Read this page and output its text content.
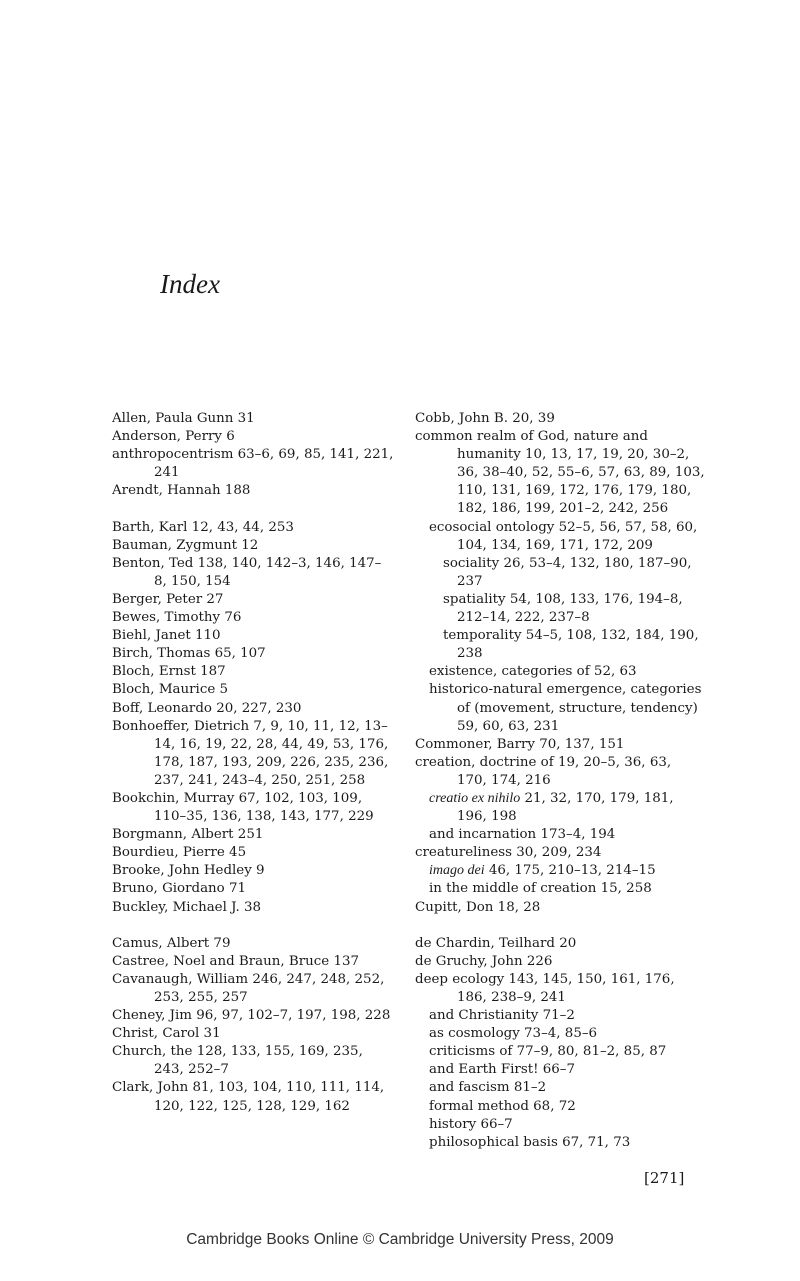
Index
Allen, Paula Gunn 31
Anderson, Perry 6
anthropocentrism 63–6, 69, 85, 141, 221, 241
Arendt, Hannah 188
Barth, Karl 12, 43, 44, 253
Bauman, Zygmunt 12
Benton, Ted 138, 140, 142–3, 146, 147–8, 150, 154
Berger, Peter 27
Bewes, Timothy 76
Biehl, Janet 110
Birch, Thomas 65, 107
Bloch, Ernst 187
Bloch, Maurice 5
Boff, Leonardo 20, 227, 230
Bonhoeffer, Dietrich 7, 9, 10, 11, 12, 13–14, 16, 19, 22, 28, 44, 49, 53, 176, 178, 187, 193, 209, 226, 235, 236, 237, 241, 243–4, 250, 251, 258
Bookchin, Murray 67, 102, 103, 109, 110–35, 136, 138, 143, 177, 229
Borgmann, Albert 251
Bourdieu, Pierre 45
Brooke, John Hedley 9
Bruno, Giordano 71
Buckley, Michael J. 38
Camus, Albert 79
Castree, Noel and Braun, Bruce 137
Cavanaugh, William 246, 247, 248, 252, 253, 255, 257
Cheney, Jim 96, 97, 102–7, 197, 198, 228
Christ, Carol 31
Church, the 128, 133, 155, 169, 235, 243, 252–7
Clark, John 81, 103, 104, 110, 111, 114, 120, 122, 125, 128, 129, 162
Cobb, John B. 20, 39
common realm of God, nature and humanity 10, 13, 17, 19, 20, 30–2, 36, 38–40, 52, 55–6, 57, 63, 89, 103, 110, 131, 169, 172, 176, 179, 180, 182, 186, 199, 201–2, 242, 256
ecosocial ontology 52–5, 56, 57, 58, 60, 104, 134, 169, 171, 172, 209
sociality 26, 53–4, 132, 180, 187–90, 237
spatiality 54, 108, 133, 176, 194–8, 212–14, 222, 237–8
temporality 54–5, 108, 132, 184, 190, 238
existence, categories of 52, 63
historico-natural emergence, categories of (movement, structure, tendency) 59, 60, 63, 231
Commoner, Barry 70, 137, 151
creation, doctrine of 19, 20–5, 36, 63, 170, 174, 216
creatio ex nihilo 21, 32, 170, 179, 181, 196, 198
and incarnation 173–4, 194
creatureliness 30, 209, 234
imago dei 46, 175, 210–13, 214–15
in the middle of creation 15, 258
Cupitt, Don 18, 28
de Chardin, Teilhard 20
de Gruchy, John 226
deep ecology 143, 145, 150, 161, 176, 186, 238–9, 241
and Christianity 71–2
as cosmology 73–4, 85–6
criticisms of 77–9, 80, 81–2, 85, 87
and Earth First! 66–7
and fascism 81–2
formal method 68, 72
history 66–7
philosophical basis 67, 71, 73
[271]
Cambridge Books Online © Cambridge University Press, 2009
